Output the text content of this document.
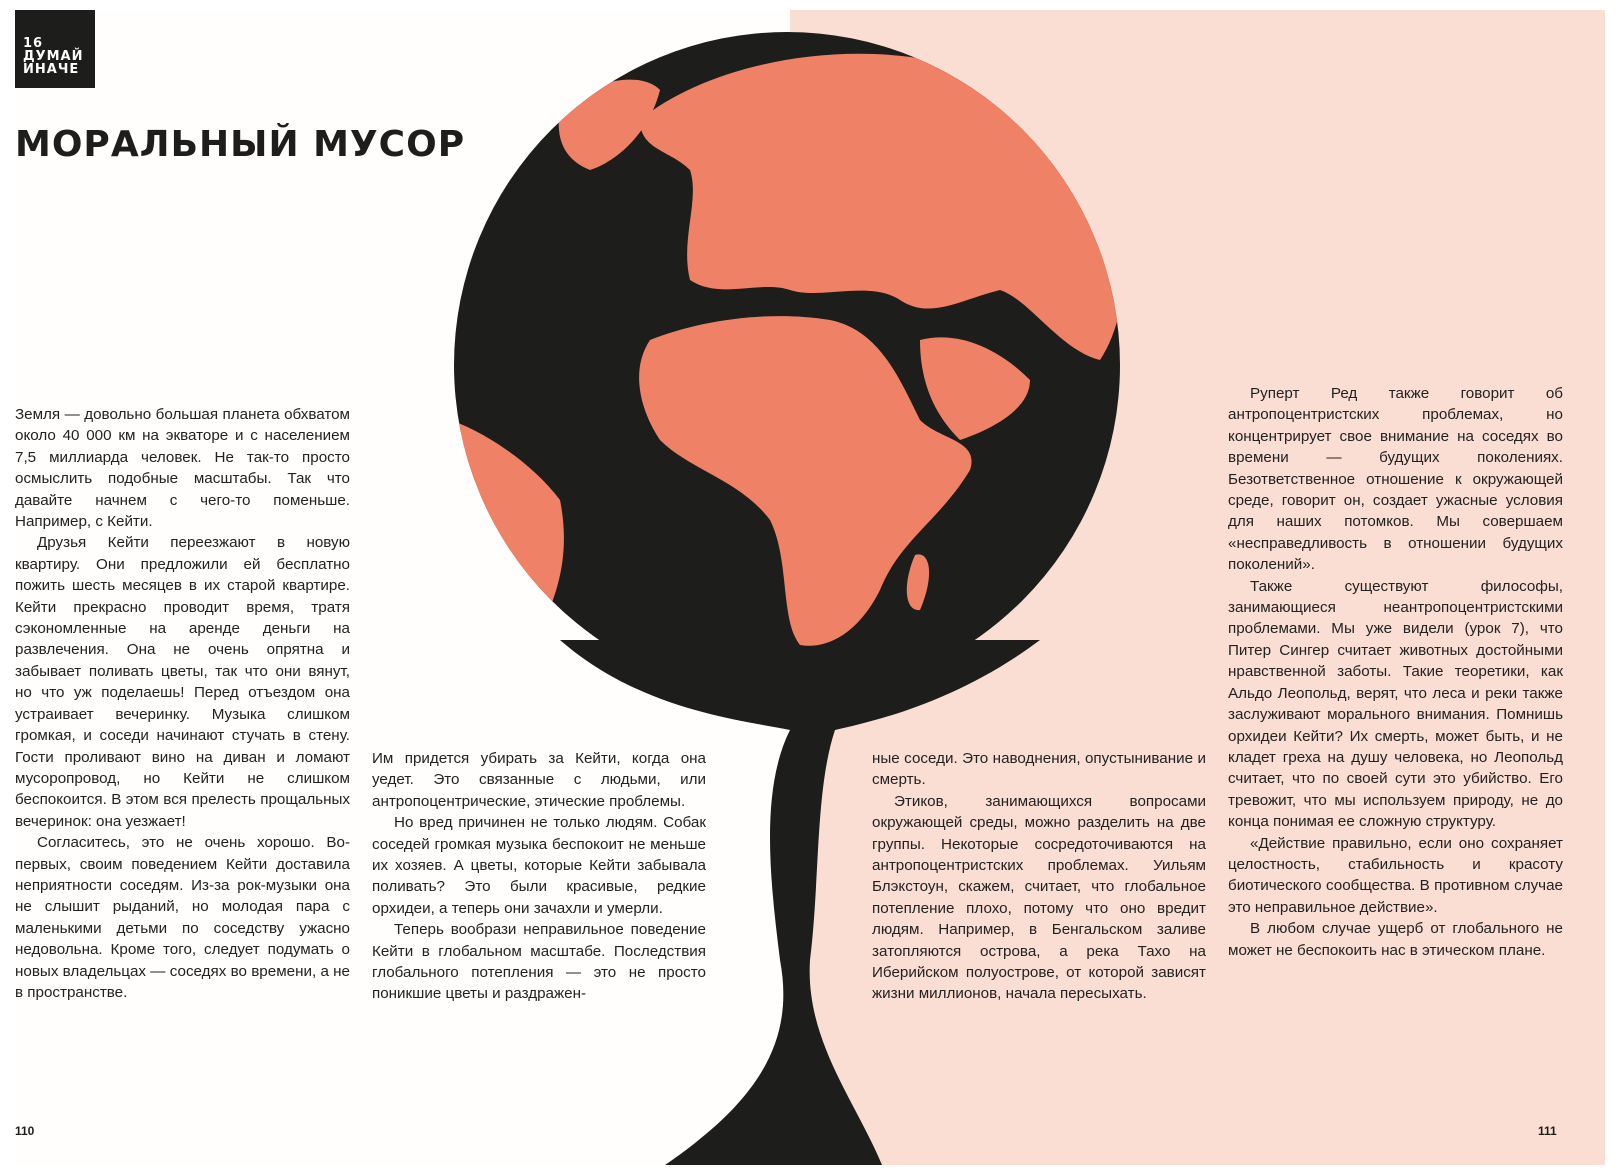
16
ДУМАЙ
ИНАЧЕ
МОРАЛЬНЫЙ МУСОР

Земля — довольно большая планета обхватом около 40 000 км на экваторе и с населением 7,5 миллиарда человек. Не так-то просто осмыслить подобные масштабы. Так что давайте начнем с чего-то поменьше. Например, с Кейти.

Друзья Кейти переезжают в новую квартиру. Они предложили ей бесплатно пожить шесть месяцев в их старой квартире. Кейти прекрасно проводит время, тратя сэкономленные на аренде деньги на развлечения. Она не очень опрятна и забывает поливать цветы, так что они вянут, но что уж поделаешь! Перед отъездом она устраивает вечеринку. Музыка слишком громкая, и соседи начинают стучать в стену. Гости проливают вино на диван и ломают мусоропровод, но Кейти не слишком беспокоится. В этом вся прелесть прощальных вечеринок: она уезжает!

Согласитесь, это не очень хорошо. Во-первых, своим поведением Кейти доставила неприятности соседям. Из-за рок-музыки она не слышит рыданий, но молодая пара с маленькими детьми по соседству ужасно недовольна. Кроме того, следует подумать о новых владельцах — соседях во времени, а не в пространстве.

Им придется убирать за Кейти, когда она уедет. Это связанные с людьми, или антропоцентрические, этические проблемы.

Но вред причинен не только людям. Собак соседей громкая музыка беспокоит не меньше их хозяев. А цветы, которые Кейти забывала поливать? Это были красивые, редкие орхидеи, а теперь они зачахли и умерли.

Теперь вообрази неправильное поведение Кейти в глобальном масштабе. Последствия глобального потепления — это не просто поникшие цветы и раздражен-

ные соседи. Это наводнения, опустынивание и смерть.

Этиков, занимающихся вопросами окружающей среды, можно разделить на две группы. Некоторые сосредоточиваются на антропоцентристских проблемах. Уильям Блэкстоун, скажем, считает, что глобальное потепление плохо, потому что оно вредит людям. Например, в Бенгальском заливе затопляются острова, а река Тахо на Иберийском полуострове, от которой зависят жизни миллионов, начала пересыхать.

Руперт Ред также говорит об антропоцентристских проблемах, но концентрирует свое внимание на соседях во времени — будущих поколениях. Безответственное отношение к окружающей среде, говорит он, создает ужасные условия для наших потомков. Мы совершаем «несправедливость в отношении будущих поколений».

Также существуют философы, занимающиеся неантропоцентристскими проблемами. Мы уже видели (урок 7), что Питер Сингер считает животных достойными нравственной заботы. Такие теоретики, как Альдо Леопольд, верят, что леса и реки также заслуживают морального внимания. Помнишь орхидеи Кейти? Их смерть, может быть, и не кладет греха на душу человека, но Леопольд считает, что по своей сути это убийство. Его тревожит, что мы используем природу, не до конца понимая ее сложную структуру.

«Действие правильно, если оно сохраняет целостность, стабильность и красоту биотического сообщества. В противном случае это неправильное действие».

В любом случае ущерб от глобального не может не беспокоить нас в этическом плане.

110	111
